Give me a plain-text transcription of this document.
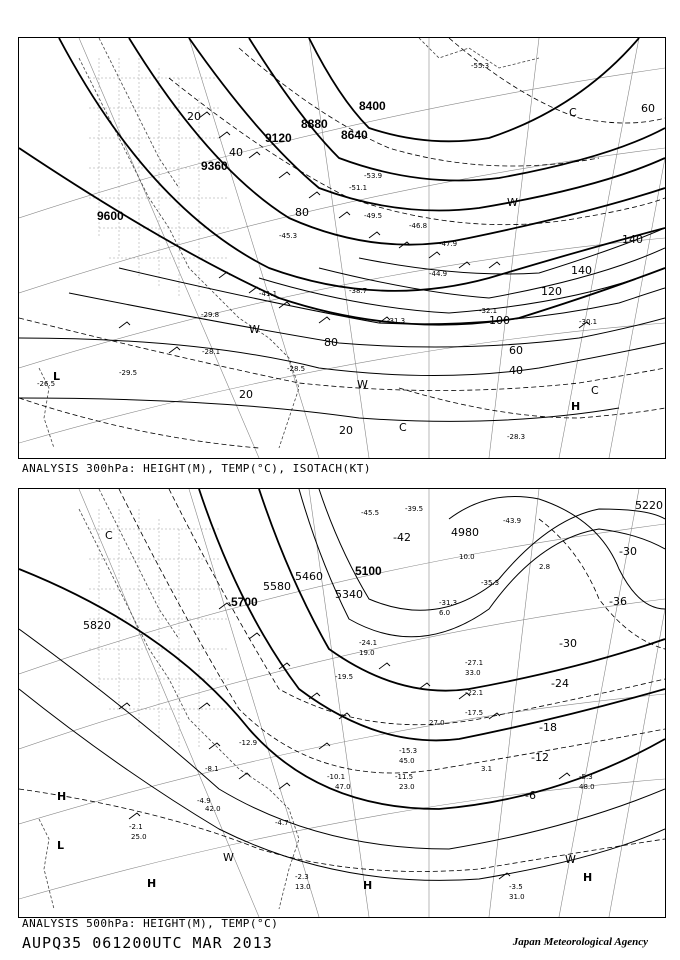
9600
9360
9120
8880
8640
8400
20
20
20
40
40
60
60
80
80
100
120
140
140
-55.3
-53.9
-51.1
-49.5
-47.9
-46.8
-45.3
-44.9
-41.1	-38.7
-32.1
-31.3	-30.1
-29.8
-29.5	-28.5
-28.3
-28.1
-26.5
L
H
C
C
C
W
W
W
ANALYSIS 300hPa: HEIGHT(M), TEMP(°C), ISOTACH(KT)
5820
5700
5580
5460
5340
5220
5100
4980
-42
-36
-30
-30
-24
-18
-12
-6
-45.5
-43.9
-39.5
-35.3
-31.3
-27.1
-24.1
-22.1
-19.5
-17.5
-15.3
-12.9
-11.5
-10.1
-8.1
-5.3
-4.9
-4.7
-3.5
-2.3
-2.1
2.8
3.1
6.0
10.0
13.0
19.0
23.0
25.0
27.0
31.0
33.0
42.0
45.0
47.0	48.0
H
H	H
H
L
C
W	W
ANALYSIS 500hPa: HEIGHT(M), TEMP(°C)
AUPQ35 061200UTC MAR 2013	Japan Meteorological Agency
